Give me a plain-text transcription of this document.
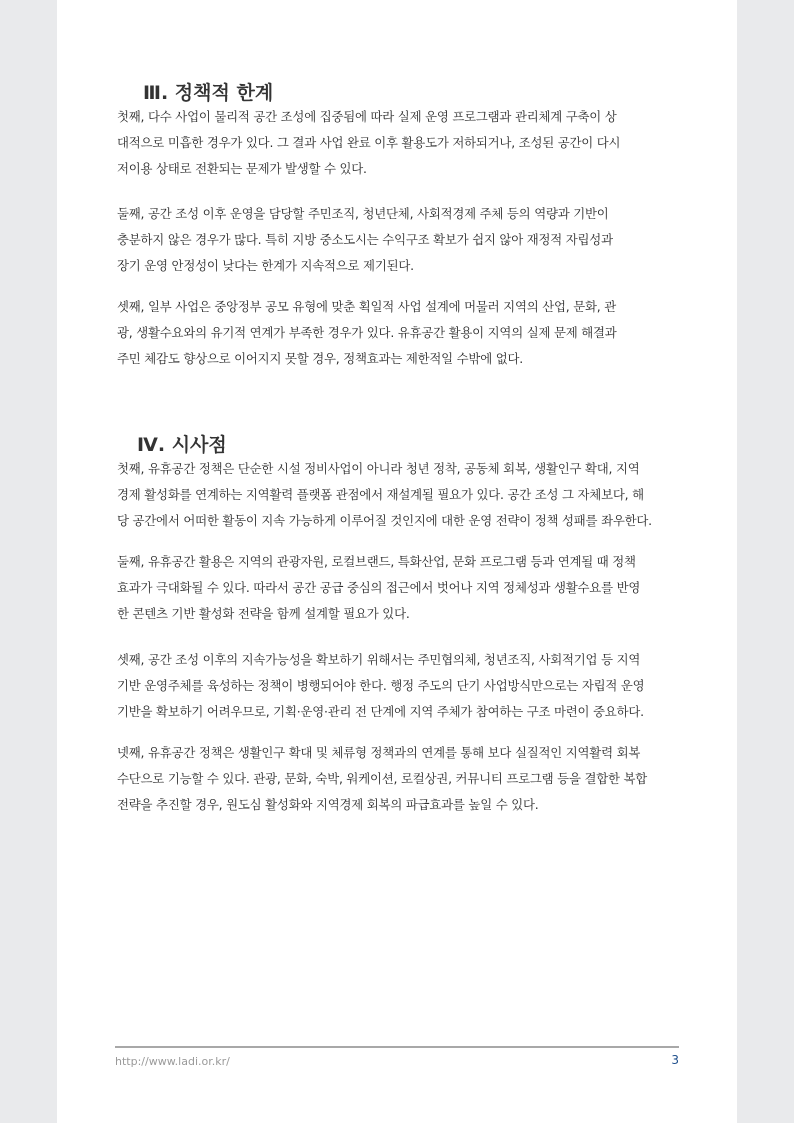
Ⅲ. 정책적 한계
첫째, 다수 사업이 물리적 공간 조성에 집중됨에 따라 실제 운영 프로그램과 관리체계 구축이 상
대적으로 미흡한 경우가 있다. 그 결과 사업 완료 이후 활용도가 저하되거나, 조성된 공간이 다시
저이용 상태로 전환되는 문제가 발생할 수 있다.
둘째, 공간 조성 이후 운영을 담당할 주민조직, 청년단체, 사회적경제 주체 등의 역량과 기반이
충분하지 않은 경우가 많다. 특히 지방 중소도시는 수익구조 확보가 쉽지 않아 재정적 자립성과
장기 운영 안정성이 낮다는 한계가 지속적으로 제기된다.
셋째, 일부 사업은 중앙정부 공모 유형에 맞춘 획일적 사업 설계에 머물러 지역의 산업, 문화, 관
광, 생활수요와의 유기적 연계가 부족한 경우가 있다. 유휴공간 활용이 지역의 실제 문제 해결과
주민 체감도 향상으로 이어지지 못할 경우, 정책효과는 제한적일 수밖에 없다.
Ⅳ. 시사점
첫째, 유휴공간 정책은 단순한 시설 정비사업이 아니라 청년 정착, 공동체 회복, 생활인구 확대, 지역
경제 활성화를 연계하는 지역활력 플랫폼 관점에서 재설계될 필요가 있다. 공간 조성 그 자체보다, 해
당 공간에서 어떠한 활동이 지속 가능하게 이루어질 것인지에 대한 운영 전략이 정책 성패를 좌우한다.
둘째, 유휴공간 활용은 지역의 관광자원, 로컬브랜드, 특화산업, 문화 프로그램 등과 연계될 때 정책
효과가 극대화될 수 있다. 따라서 공간 공급 중심의 접근에서 벗어나 지역 정체성과 생활수요를 반영
한 콘텐츠 기반 활성화 전략을 함께 설계할 필요가 있다.
셋째, 공간 조성 이후의 지속가능성을 확보하기 위해서는 주민협의체, 청년조직, 사회적기업 등 지역
기반 운영주체를 육성하는 정책이 병행되어야 한다. 행정 주도의 단기 사업방식만으로는 자립적 운영
기반을 확보하기 어려우므로, 기획·운영·관리 전 단계에 지역 주체가 참여하는 구조 마련이 중요하다.
넷째, 유휴공간 정책은 생활인구 확대 및 체류형 정책과의 연계를 통해 보다 실질적인 지역활력 회복
수단으로 기능할 수 있다. 관광, 문화, 숙박, 워케이션, 로컬상권, 커뮤니티 프로그램 등을 결합한 복합
전략을 추진할 경우, 원도심 활성화와 지역경제 회복의 파급효과를 높일 수 있다.
http://www.ladi.or.kr/	3
